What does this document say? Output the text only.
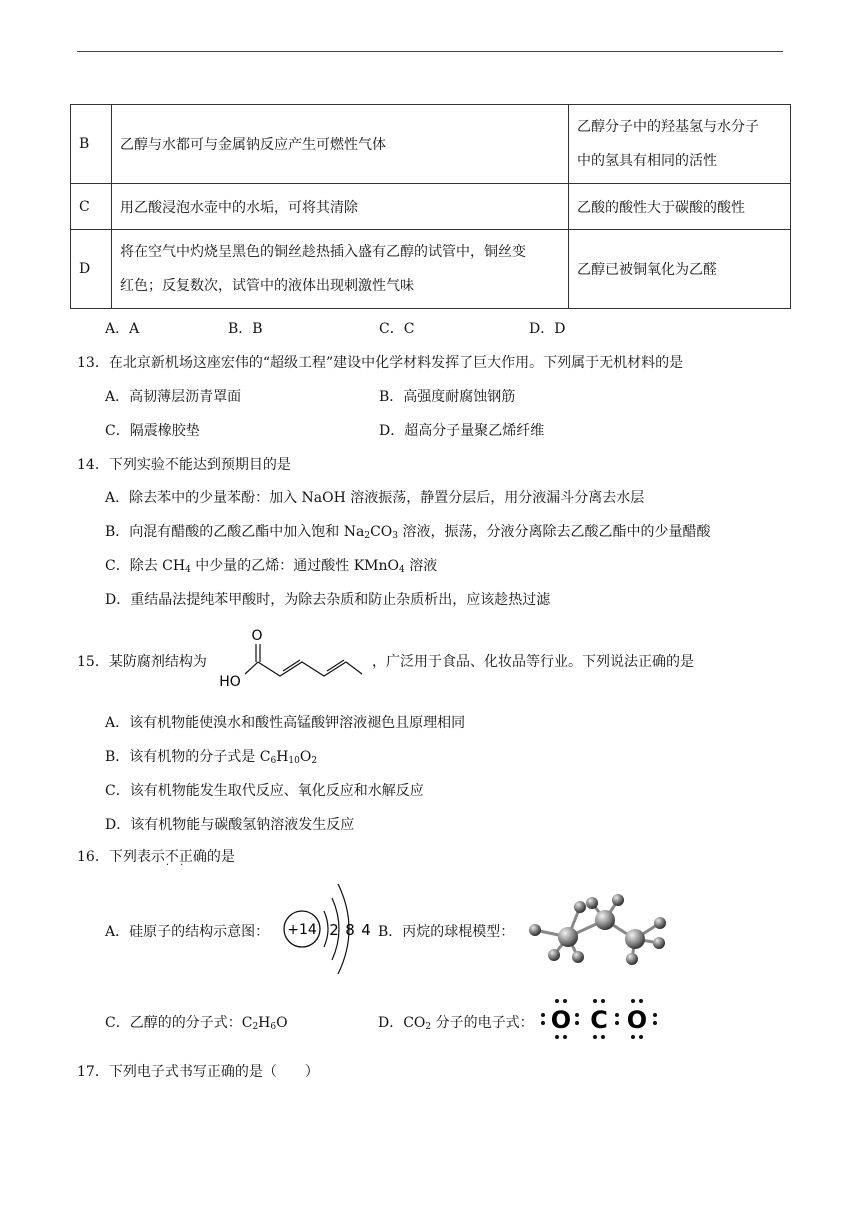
B	乙醇与水都可与金属钠反应产生可燃性气体	乙醇分子中的羟基氢与水分子
中的氢具有相同的活性

C	用乙酸浸泡水壶中的水垢，可将其清除	乙酸的酸性大于碳酸的酸性
D	将在空气中灼烧呈黑色的铜丝趁热插入盛有乙醇的试管中，铜丝变
红色；反复数次，试管中的液体出现刺激性气味	乙醇已被铜氧化为乙醛
A．A	B．B	C．C	D．D
13．在北京新机场这座宏伟的“超级工程”建设中化学材料发挥了巨大作用。下列属于无机材料的是
A．高韧薄层沥青罩面	B．高强度耐腐蚀钢筋
C．隔震橡胶垫	D．超高分子量聚乙烯纤维
14．下列实验不能达到预期目的是
A．除去苯中的少量苯酚：加入 NaOH 溶液振荡，静置分层后，用分液漏斗分离去水层
B．向混有醋酸的乙酸乙酯中加入饱和 $Na_2CO_3$ 溶液，振荡，分液分离除去乙酸乙酯中的少量醋酸
C．除去 $CH_4$ 中少量的乙烯：通过酸性 KMnO$_4$ 溶液
D．重结晶法提纯苯甲酸时，为除去杂质和防止杂质析出，应该趁热过滤
15．某防腐剂结构为
O
HO
，广泛用于食品、化妆品等行业。下列说法正确的是
A．该有机物能使溴水和酸性高锰酸钾溶液褪色且原理相同
B．该有机物的分子式是 $C_6H_{10}O_2$
C．该有机物能发生取代反应、氧化反应和水解反应
D．该有机物能与碳酸氢钠溶液发生反应
16．下列表示不正确 · ·的是
A．硅原子的结构示意图： +14 2 8 4 B．丙烷的球棍模型：
C．乙醇的的分子式：$C_2H_6O$	D．$CO_2$ 分子的电子式： O C O
17．下列电子式书写正确的是（　　）
